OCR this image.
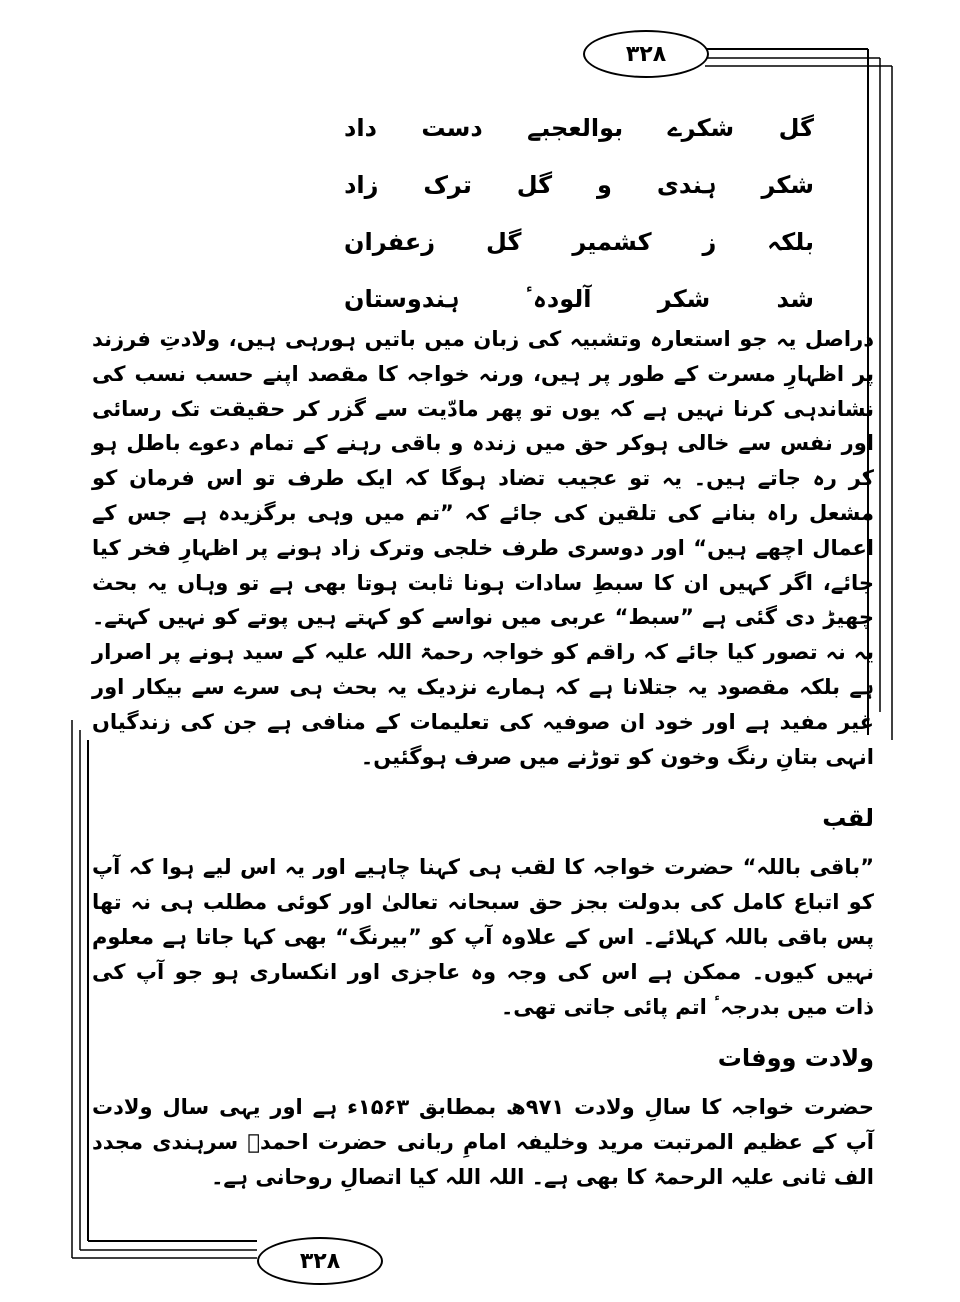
۳۲۸
گل
شکرے
بوالعجبے
دست
داد
شکر
ہندی
و
گل
ترک
زاد
بلکہ
ز
کشمیر
گل
زعفران
شد
شکر
آلودہٴ
ہندوستان

دراصل یہ جو استعارہ وتشبیہ کی زبان میں باتیں ہورہی ہیں، ولادتِ فرزند پر اظہارِ مسرت کے طور پر ہیں، ورنہ خواجہ کا مقصد اپنے حسب نسب کی نشاندہی کرنا نہیں ہے کہ یوں تو پھر مادّیت سے گزر کر حقیقت تک رسائی اور نفس سے خالی ہوکر حق میں زندہ و باقی رہنے کے تمام دعوے باطل ہو کر رہ جاتے ہیں۔ یہ تو عجیب تضاد ہوگا کہ ایک طرف تو اس فرمان کو مشعل راہ بنانے کی تلقین کی جائے کہ ”تم میں وہی برگزیدہ ہے جس کے اعمال اچھے ہیں“ اور دوسری طرف خلجی وترک زاد ہونے پر اظہارِ فخر کیا جائے، اگر کہیں ان کا سبطِ سادات ہونا ثابت ہوتا بھی ہے تو وہاں یہ بحث چھیڑ دی گئی ہے ”سبط“ عربی میں نواسے کو کہتے ہیں پوتے کو نہیں کہتے۔ یہ نہ تصور کیا جائے کہ راقم کو خواجہ رحمۃ اللہ علیہ کے سید ہونے پر اصرار ہے بلکہ مقصود یہ جتلانا ہے کہ ہمارے نزدیک یہ بحث ہی سرے سے بیکار اور غیر مفید ہے اور خود ان صوفیہ کی تعلیمات کے منافی ہے جن کی زندگیاں انہی بتانِ رنگ وخون کو توڑنے میں صرف ہوگئیں۔

لقب

”باقی باللہ“ حضرت خواجہ کا لقب ہی کہنا چاہیے اور یہ اس لیے ہوا کہ آپ کو اتباع کامل کی بدولت بجز حق سبحانہ تعالیٰ اور کوئی مطلب ہی نہ تھا پس باقی باللہ کہلائے۔ اس کے علاوہ آپ کو ”بیرنگ“ بھی کہا جاتا ہے معلوم نہیں کیوں۔ ممکن ہے اس کی وجہ وہ عاجزی اور انکساری ہو جو آپ کی ذات میں بدرجہٴ اتم پائی جاتی تھی۔

ولادت ووفات

حضرت خواجہ کا سالِ ولادت ۹۷۱ھ بمطابق ۱۵۶۳ء ہے اور یہی سال ولادت آپ کے عظیم المرتبت مرید وخلیفہ امامِ ربانی حضرت احمدؒ سرہندی مجدد الف ثانی علیہ الرحمۃ کا بھی ہے۔ اللہ اللہ کیا اتصالِ روحانی ہے۔

۳۲۸
